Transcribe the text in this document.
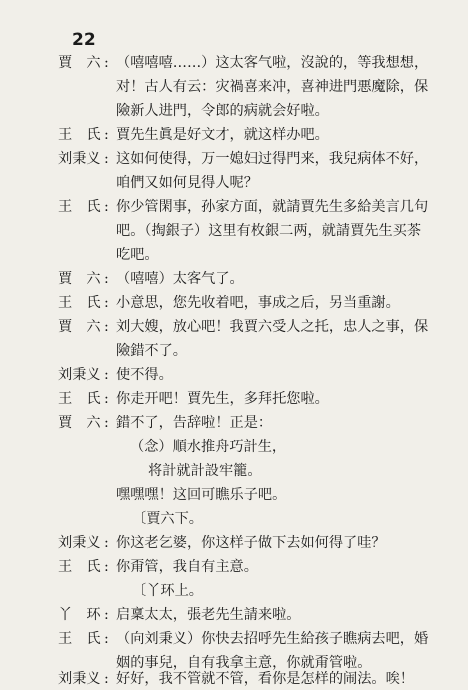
22
賈　六 : （嘻嘻嘻……）这太客气啦，沒說的，等我想想，
对！古人有云：灾禍喜来冲，喜神进門悪魔除，保
險新人进門，令郎的病就会好啦。
王　氏 : 賈先生眞是好文才，就这样办吧。
刘秉义 : 这如何使得，万一媳妇过得門来，我兒病体不好，
咱們又如何見得人呢？
王　氏 : 你少管閑事，孙家方面，就請賈先生多給美言几句
吧。（掏銀子）这里有枚銀二两，就請賈先生买茶
吃吧。
賈　六 : （嘻嘻）太客气了。
王　氏 : 小意思，您先收着吧，事成之后，另当重謝。
賈　六 : 刘大嫂，放心吧！我賈六受人之托，忠人之事，保
險錯不了。
刘秉义 : 使不得。
王　氏 : 你走开吧！賈先生，多拜托您啦。
賈　六 : 錯不了，告辞啦！正是：
（念）順水推舟巧計生，
将計就計設牢籠。
嘿嘿嘿！这回可瞧乐子吧。
〔賈六下。
刘秉义 : 你这老乞婆，你这样子做下去如何得了哇？
王　氏 : 你甭管，我自有主意。
〔丫环上。
丫　环 : 启稟太太，張老先生請来啦。
王　氏 : （向刘秉义）你快去招呼先生給孩子瞧病去吧，婚
姻的事兒，自有我拿主意，你就甭管啦。
刘秉义 : 好好，我不管就不管，看你是怎样的闹法。唉！
